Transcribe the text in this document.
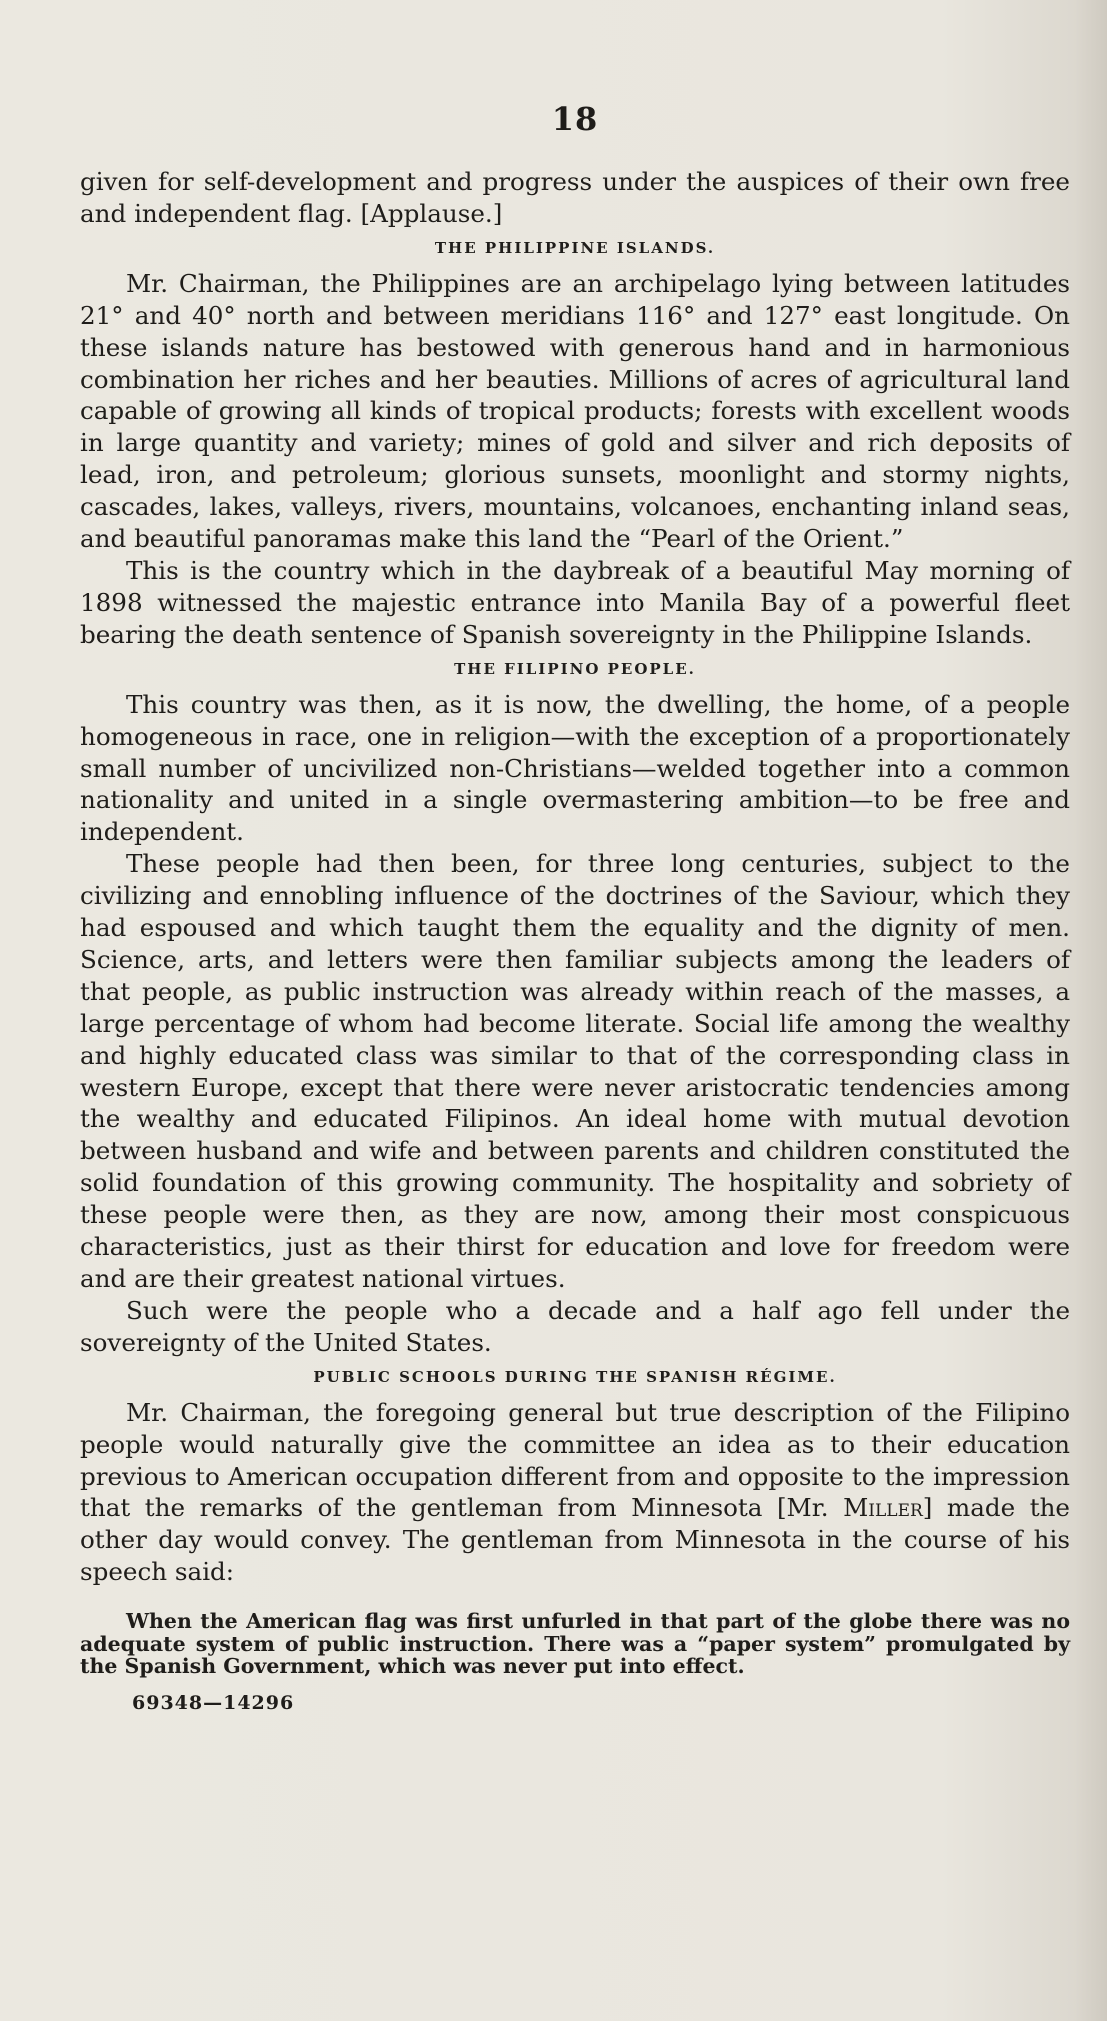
18

given for self-development and progress under the auspices of their own free and independent flag. [Applause.]

THE PHILIPPINE ISLANDS.

Mr. Chairman, the Philippines are an archipelago lying between latitudes 21° and 40° north and between meridians 116° and 127° east longitude. On these islands nature has bestowed with generous hand and in harmonious combination her riches and her beauties. Millions of acres of agricultural land capable of growing all kinds of tropical products; forests with excellent woods in large quantity and variety; mines of gold and silver and rich deposits of lead, iron, and petroleum; glorious sunsets, moonlight and stormy nights, cascades, lakes, valleys, rivers, mountains, volcanoes, enchanting inland seas, and beautiful panoramas make this land the “Pearl of the Orient.”

This is the country which in the daybreak of a beautiful May morning of 1898 witnessed the majestic entrance into Manila Bay of a powerful fleet bearing the death sentence of Spanish sovereignty in the Philippine Islands.

THE FILIPINO PEOPLE.

This country was then, as it is now, the dwelling, the home, of a people homogeneous in race, one in religion—with the exception of a proportionately small number of uncivilized non-Christians—welded together into a common nationality and united in a single overmastering ambition—to be free and independent.

These people had then been, for three long centuries, subject to the civilizing and ennobling influence of the doctrines of the Saviour, which they had espoused and which taught them the equality and the dignity of men. Science, arts, and letters were then familiar subjects among the leaders of that people, as public instruction was already within reach of the masses, a large percentage of whom had become literate. Social life among the wealthy and highly educated class was similar to that of the corresponding class in western Europe, except that there were never aristocratic tendencies among the wealthy and educated Filipinos. An ideal home with mutual devotion between husband and wife and between parents and children constituted the solid foundation of this growing community. The hospitality and sobriety of these people were then, as they are now, among their most conspicuous characteristics, just as their thirst for education and love for freedom were and are their greatest national virtues.

Such were the people who a decade and a half ago fell under the sovereignty of the United States.

PUBLIC SCHOOLS DURING THE SPANISH RÉGIME.

Mr. Chairman, the foregoing general but true description of the Filipino people would naturally give the committee an idea as to their education previous to American occupation different from and opposite to the impression that the remarks of the gentleman from Minnesota [Mr. Miller] made the other day would convey. The gentleman from Minnesota in the course of his speech said:

When the American flag was first unfurled in that part of the globe there was no adequate system of public instruction. There was a “paper system” promulgated by the Spanish Government, which was never put into effect.
69348—14296
